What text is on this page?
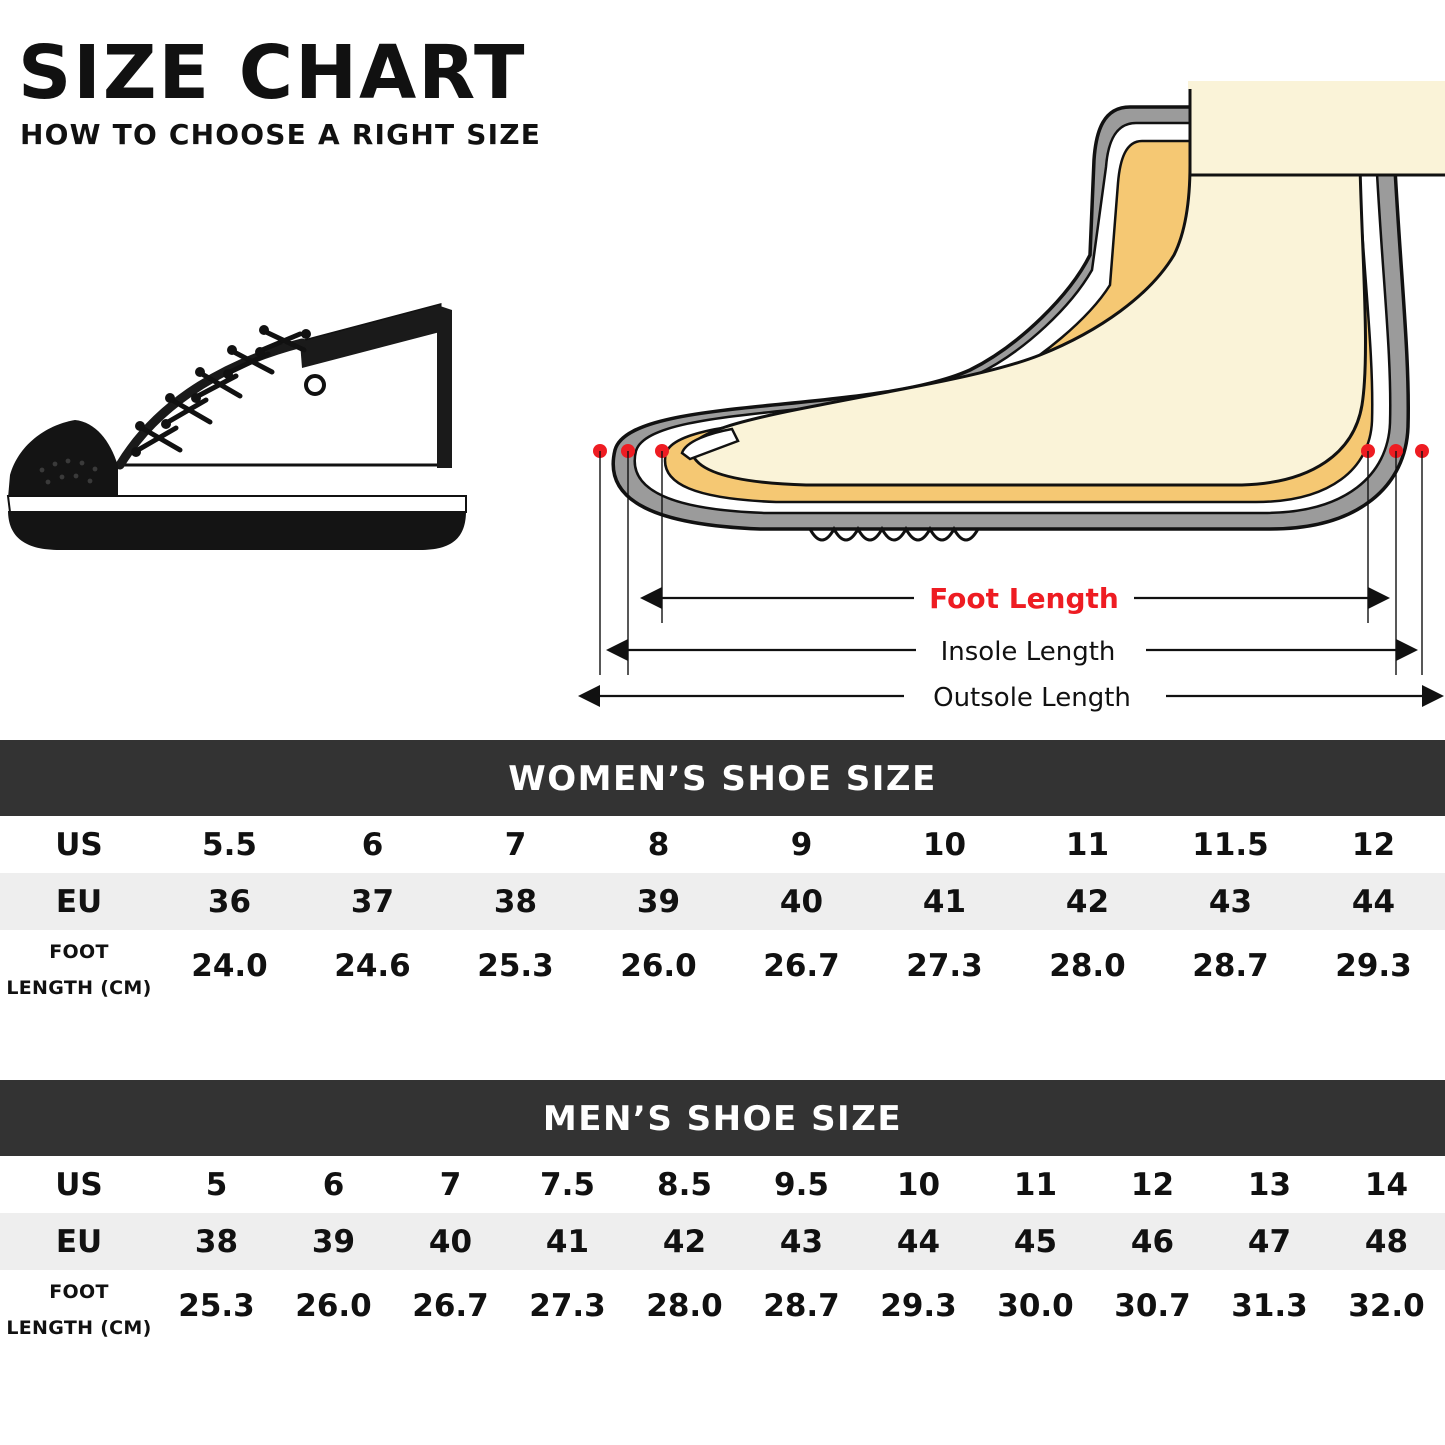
SIZE CHART
HOW TO CHOOSE A RIGHT SIZE
Foot Length
Insole Length
Outsole Length
WOMEN’S SHOE SIZE
US	5.5	6	7	8	9	10	11	11.5	12
EU	36	37	38	39	40	41	42	43	44
FOOT
LENGTH (CM)	24.0	24.6	25.3	26.0	26.7	27.3	28.0	28.7	29.3
MEN’S SHOE SIZE
US	5	6	7	7.5	8.5	9.5	10	11	12	13	14
EU	38	39	40	41	42	43	44	45	46	47	48
FOOT
LENGTH (CM)	25.3	26.0	26.7	27.3	28.0	28.7	29.3	30.0	30.7	31.3	32.0
